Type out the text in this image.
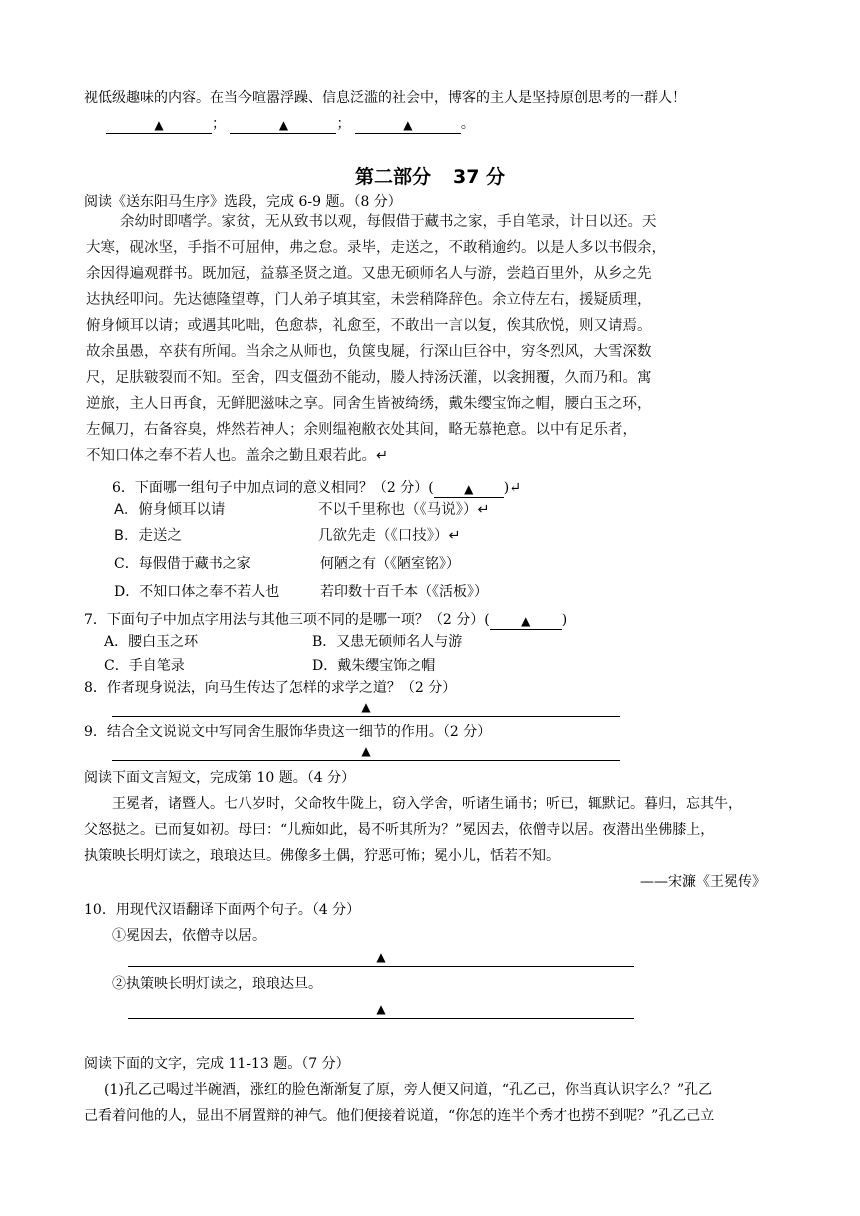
视低级趣味的内容。在当今喧嚣浮躁、信息泛滥的社会中，博客的主人是坚持原创思考的一群人！
▲	；	▲	；	▲	。
第二部分 37 分
阅读《送东阳马生序》选段，完成 6-9 题。（8 分）
余幼时即嗜学。家贫，无从致书以观，每假借于藏书之家，手自笔录，计日以还。天
大寒，砚冰坚，手指不可屈伸，弗之怠。录毕，走送之，不敢稍逾约。以是人多以书假余，
余因得遍观群书。既加冠，益慕圣贤之道。又患无硕师名人与游，尝趋百里外，从乡之先
达执经叩问。先达德隆望尊，门人弟子填其室，未尝稍降辞色。余立侍左右，援疑质理，
俯身倾耳以请；或遇其叱咄，色愈恭，礼愈至，不敢出一言以复，俟其欣悦，则又请焉。
故余虽愚，卒获有所闻。当余之从师也，负箧曳屣，行深山巨谷中，穷冬烈风，大雪深数
尺，足肤皲裂而不知。至舍，四支僵劲不能动，媵人持汤沃灌，以衾拥覆，久而乃和。寓
逆旅，主人日再食，无鲜肥滋味之享。同舍生皆被绮绣，戴朱缨宝饰之帽，腰白玉之环，
左佩刀，右备容臭，烨然若神人；余则缊袍敝衣处其间，略无慕艳意。以中有足乐者，
不知口体之奉不若人也。盖余之勤且艰若此。↵
6．下面哪一组句子中加点词的意义相同？（2 分）(	▲ )↵
A．俯身倾耳以请	不以千里称也（《马说》）↵
B．走送之	几欲先走（《口技》）↵
C．每假借于藏书之家	何陋之有（《陋室铭》）
D．不知口体之奉不若人也	若印数十百千本（《活板》）
7．下面句子中加点字用法与其他三项不同的是哪一项？（2 分）(	▲ )
A．腰白玉之环	B．又患无硕师名人与游
C．手自笔录	D．戴朱缨宝饰之帽
8．作者现身说法，向马生传达了怎样的求学之道？（2 分）
▲
9．结合全文说说文中写同舍生服饰华贵这一细节的作用。（2 分）
▲
阅读下面文言短文，完成第 10 题。（4 分）
王冕者，诸暨人。七八岁时，父命牧牛陇上，窃入学舍，听诸生诵书；听已，辄默记。暮归，忘其牛，
父怒挞之。已而复如初。母曰：“儿痴如此，曷不听其所为？”冕因去，依僧寺以居。夜潜出坐佛膝上，
执策映长明灯读之，琅琅达旦。佛像多土偶，狞恶可怖；冕小儿，恬若不知。
——宋濂《王冕传》
10．用现代汉语翻译下面两个句子。（4 分）
①冕因去，依僧寺以居。
▲
②执策映长明灯读之，琅琅达旦。
▲
阅读下面的文字，完成 11-13 题。（7 分）
(1)孔乙己喝过半碗酒，涨红的脸色渐渐复了原，旁人便又问道，“孔乙己，你当真认识字么？”孔乙
己看着问他的人，显出不屑置辩的神气。他们便接着说道，“你怎的连半个秀才也捞不到呢？”孔乙己立
